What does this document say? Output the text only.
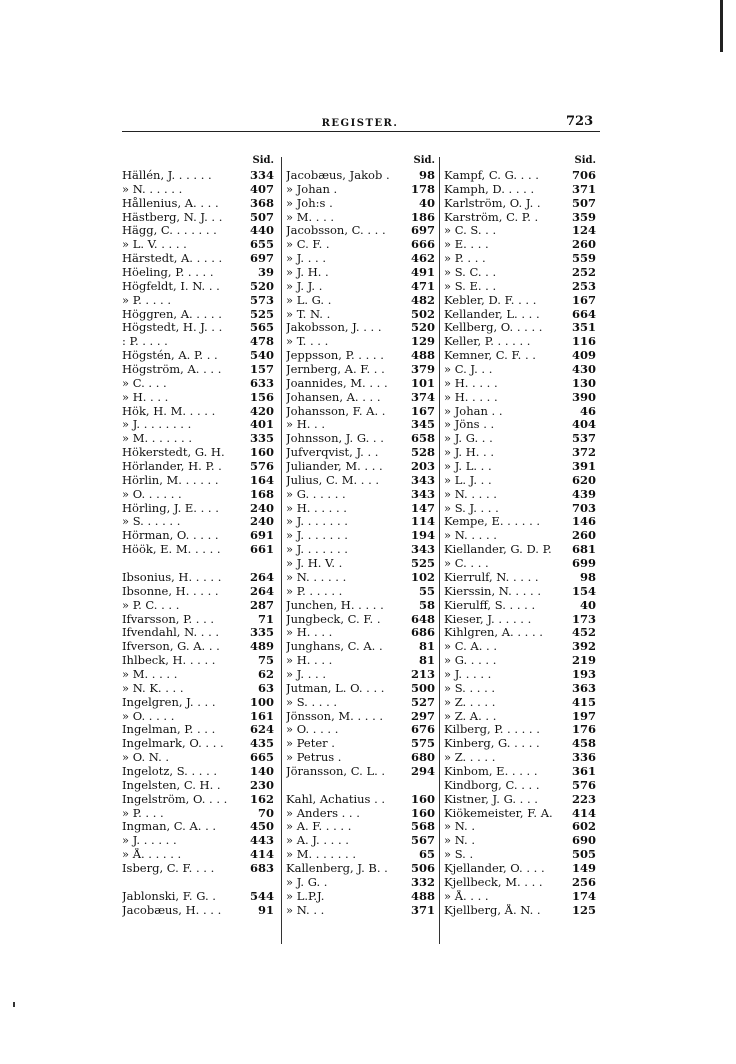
REGISTER.	723
Sid.
Hällén, J. . . . . .	334
» N. . . . . .	407
Hållenius, A. . . .	368
Hästberg, N. J. . . 507
Hägg, C. . . . . . .	440
» L. V. . . . .	655
Härstedt, A. . . . . 697
Höeling, P. . . . .	39
Högfeldt, I. N. . .	520
» P. . . . .	573
Höggren, A. . . . . 525
Högstedt, H. J. . . 565
: P. . . . .	478
Högstén, A. P. . .	540
Högström, A. . . . 157
» C. . . .	633
» H. . . .	156
Hök, H. M. . . . .	420
» J. . . . . . . .	401
» M. . . . . . .	335
Hökerstedt, G. H. 160
Hörlander, H. P. . 576
Hörlin, M. . . . . .	164
» O. . . . . .	168
Hörling, J. E. . . .	240
» S. . . . . .	240
Hörman, O. . . . .	691
Höök, E. M. . . . .	661
Ibsonius, H. . . . . 264
Ibsonne, H. . . . .	264
» P. C. . . .	287
Ifvarsson, P. . . .	71
Ifvendahl, N. . . .	335
Ifverson, G. A. . .	489
Ihlbeck, H. . . . .	75
» M. . . . .	62
» N. K. . . .	63
Ingelgren, J. . . .	100
» O. . . . .	161
Ingelman, P. . . .	624
Ingelmark, O. . . . 435
» O. N. .	665
Ingelotz, S. . . . .	140
Ingelsten, C. H. .	230
Ingelström, O. . . . 162
» P. . . .	70
Ingman, C. A. . .	450
» J. . . . . .	443
» Å. . . . . .	414
Isberg, C. F. . . .	683
Jablonski, F. G. .	544
Jacobæus, H. . . .	91
Sid.
Jacobæus, Jakob .	98
» Johan .	178
» Joh:s .	40
» M. . . .	186
Jacobsson, C. . . . 697
» C. F. .	666
» J. . . .	462
» J. H. .	491
» J. J. .	471
» L. G. .	482
» T. N. .	502
Jakobsson, J. . . .	520
» T. . . .	129
Jeppsson, P. . . . . 488
Jernberg, A. F. . . 379
Joannides, M. . . . 101
Johansen, A. . . .	374
Johansson, F. A. . 167
» H. . .	345
Johnsson, J. G. . . 658
Jufverqvist, J. . .	528
Juliander, M. . . . 203
Julius, C. M. . . .	343
» G. . . . . .	343
» H. . . . . .	147
» J. . . . . . .	114
» J. . . . . . .	194
» J. . . . . . .	343
» J. H. V. .	525
» N. . . . . .	102
» P. . . . . .	55
Junchen, H. . . . .	58
Jungbeck, C. F. .	648
» H. . . .	686
Junghans, C. A. .	81
» H. . . .	81
» J. . . .	213
Jutman, L. O. . . . 500
» S. . . . .	527
Jönsson, M. . . . . 297
» O. . . . .	676
» Peter .	575
» Petrus .	680
Jöransson, C. L. . 294
Kahl, Achatius . . 160
» Anders . . .	160
» A. F. . . . .	568
» A. J. . . . .	567
» M. . . . . . .	65
Kallenberg, J. B. . 506
» J. G. .	332
» L.P.J.	488
» N. . .	371
Sid.
Kampf, C. G. . . .	706
Kamph, D. . . . .	371
Karlström, O. J. .	507
Karström, C. P. .	359
» C. S. . .	124
» E. . . .	260
» P. . . .	559
» S. C. . .	252
» S. E. . .	253
Kebler, D. F. . . .	167
Kellander, L. . . .	664
Kellberg, O. . . . .	351
Keller, P. . . . . .	116
Kemner, C. F. . .	409
» C. J. . .	430
» H. . . . .	130
» H. . . . .	390
» Johan . .	46
» Jöns . .	404
» J. G. . .	537
» J. H. . .	372
» J. L. . .	391
» L. J. . .	620
» N. . . . .	439
» S. J. . . .	703
Kempe, E. . . . . .	146
» N. . . . .	260
Kiellander, G. D. P. 681
» C. . . .	699
Kierrulf, N. . . . .	98
Kierssin, N. . . . .	154
Kierulff, S. . . . .	40
Kieser, J. . . . . .	173
Kihlgren, A. . . . .	452
» C. A. . .	392
» G. . . . .	219
» J. . . . .	193
» S. . . . .	363
» Z. . . . .	415
» Z. A. . .	197
Kilberg, P. . . . . .	176
Kinberg, G. . . . .	458
» Z. . . . .	336
Kinbom, E. . . . .	361
Kindborg, C. . . .	576
Kistner, J. G. . . .	223
Kiökemeister, F. A. 414
» N. .	602
» N. .	690
» S. .	505
Kjellander, O. . . . 149
Kjellbeck, M. . . .	256
» Å. . . .	174
Kjellberg, Å. N. .	125
